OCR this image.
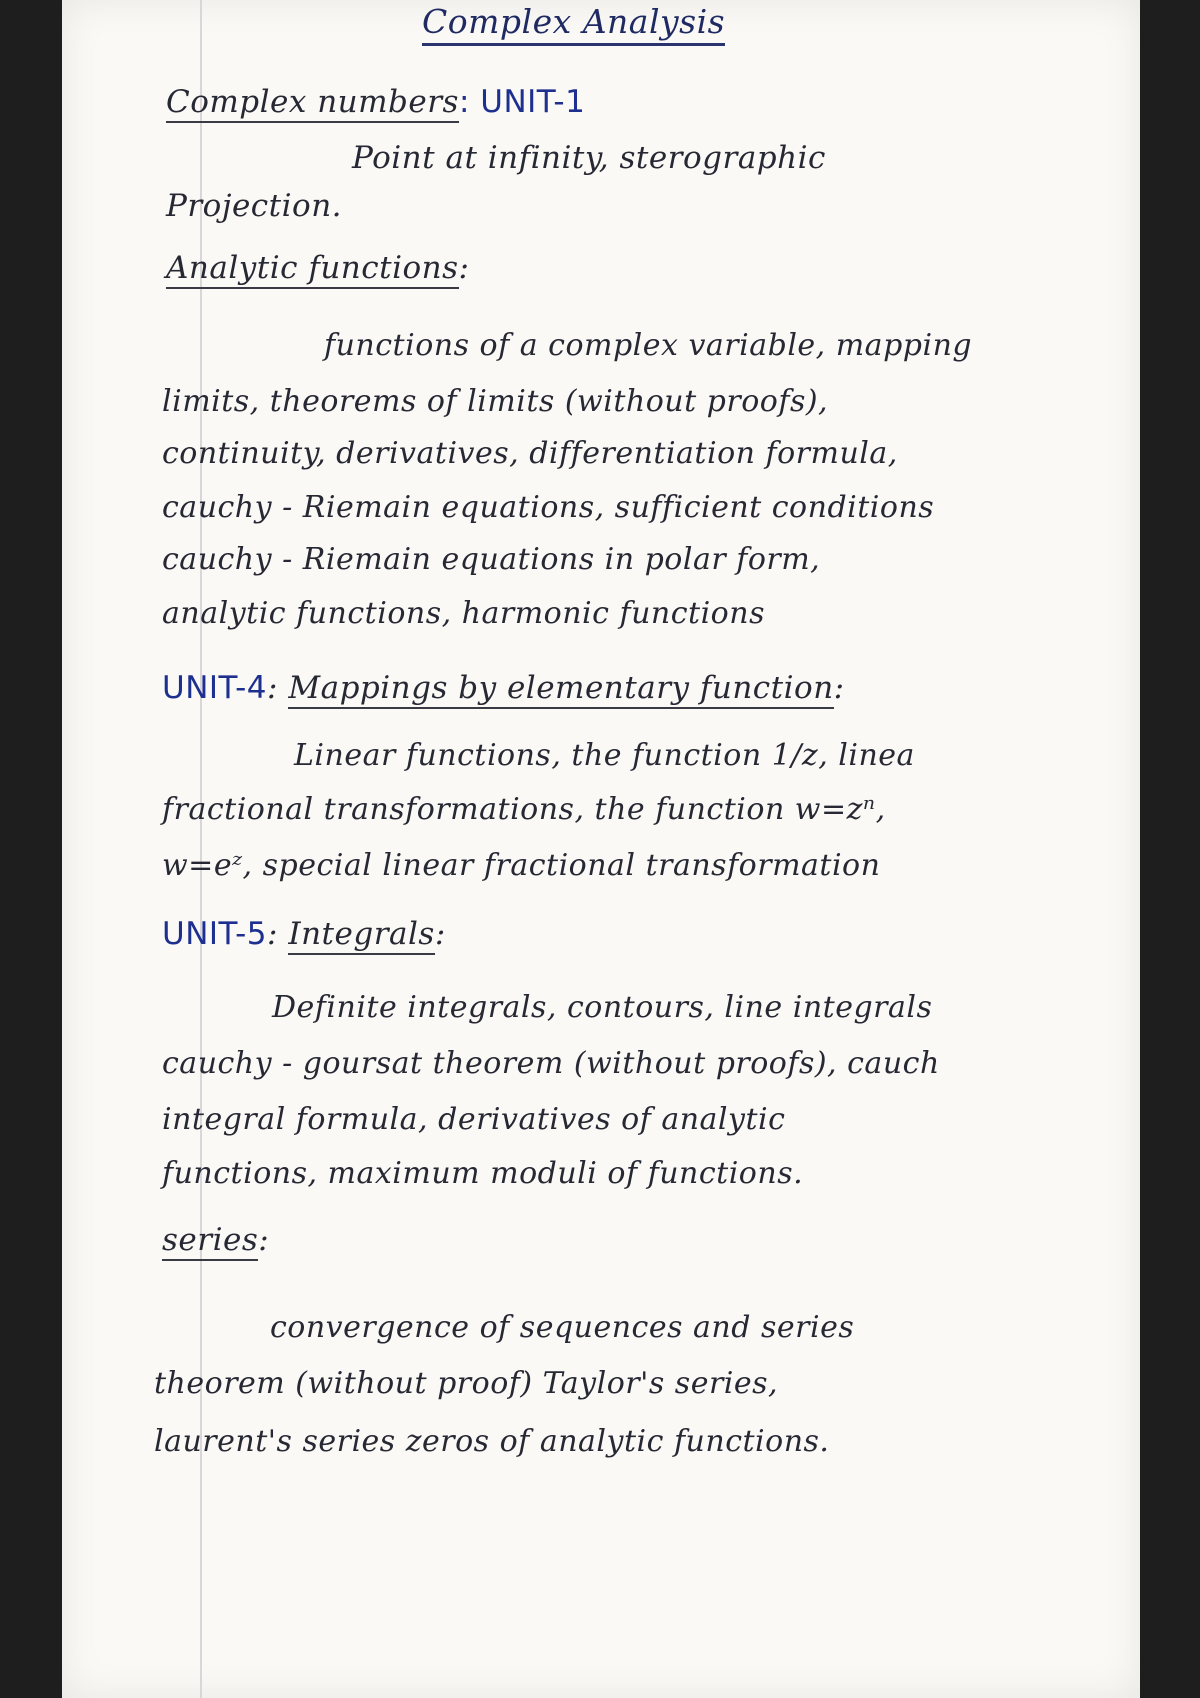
Complex Analysis

Complex numbers: UNIT-1

Point at infinity, sterographic

Projection.

Analytic functions:

functions of a complex variable, mapping

limits, theorems of limits (without proofs),

continuity, derivatives, differentiation formula,

cauchy - Riemain equations, sufficient conditions

cauchy - Riemain equations in polar form,

analytic functions, harmonic functions

UNIT-4: Mappings by elementary function:

Linear functions, the function 1/z, linea

fractional transformations, the function w=zⁿ,

w=eᶻ, special linear fractional transformation

UNIT-5: Integrals:

Definite integrals, contours, line integrals

cauchy - goursat theorem (without proofs), cauch

integral formula, derivatives of analytic

functions, maximum moduli of functions.

series:

convergence of sequences and series

theorem (without proof) Taylor's series,

laurent's series zeros of analytic functions.
